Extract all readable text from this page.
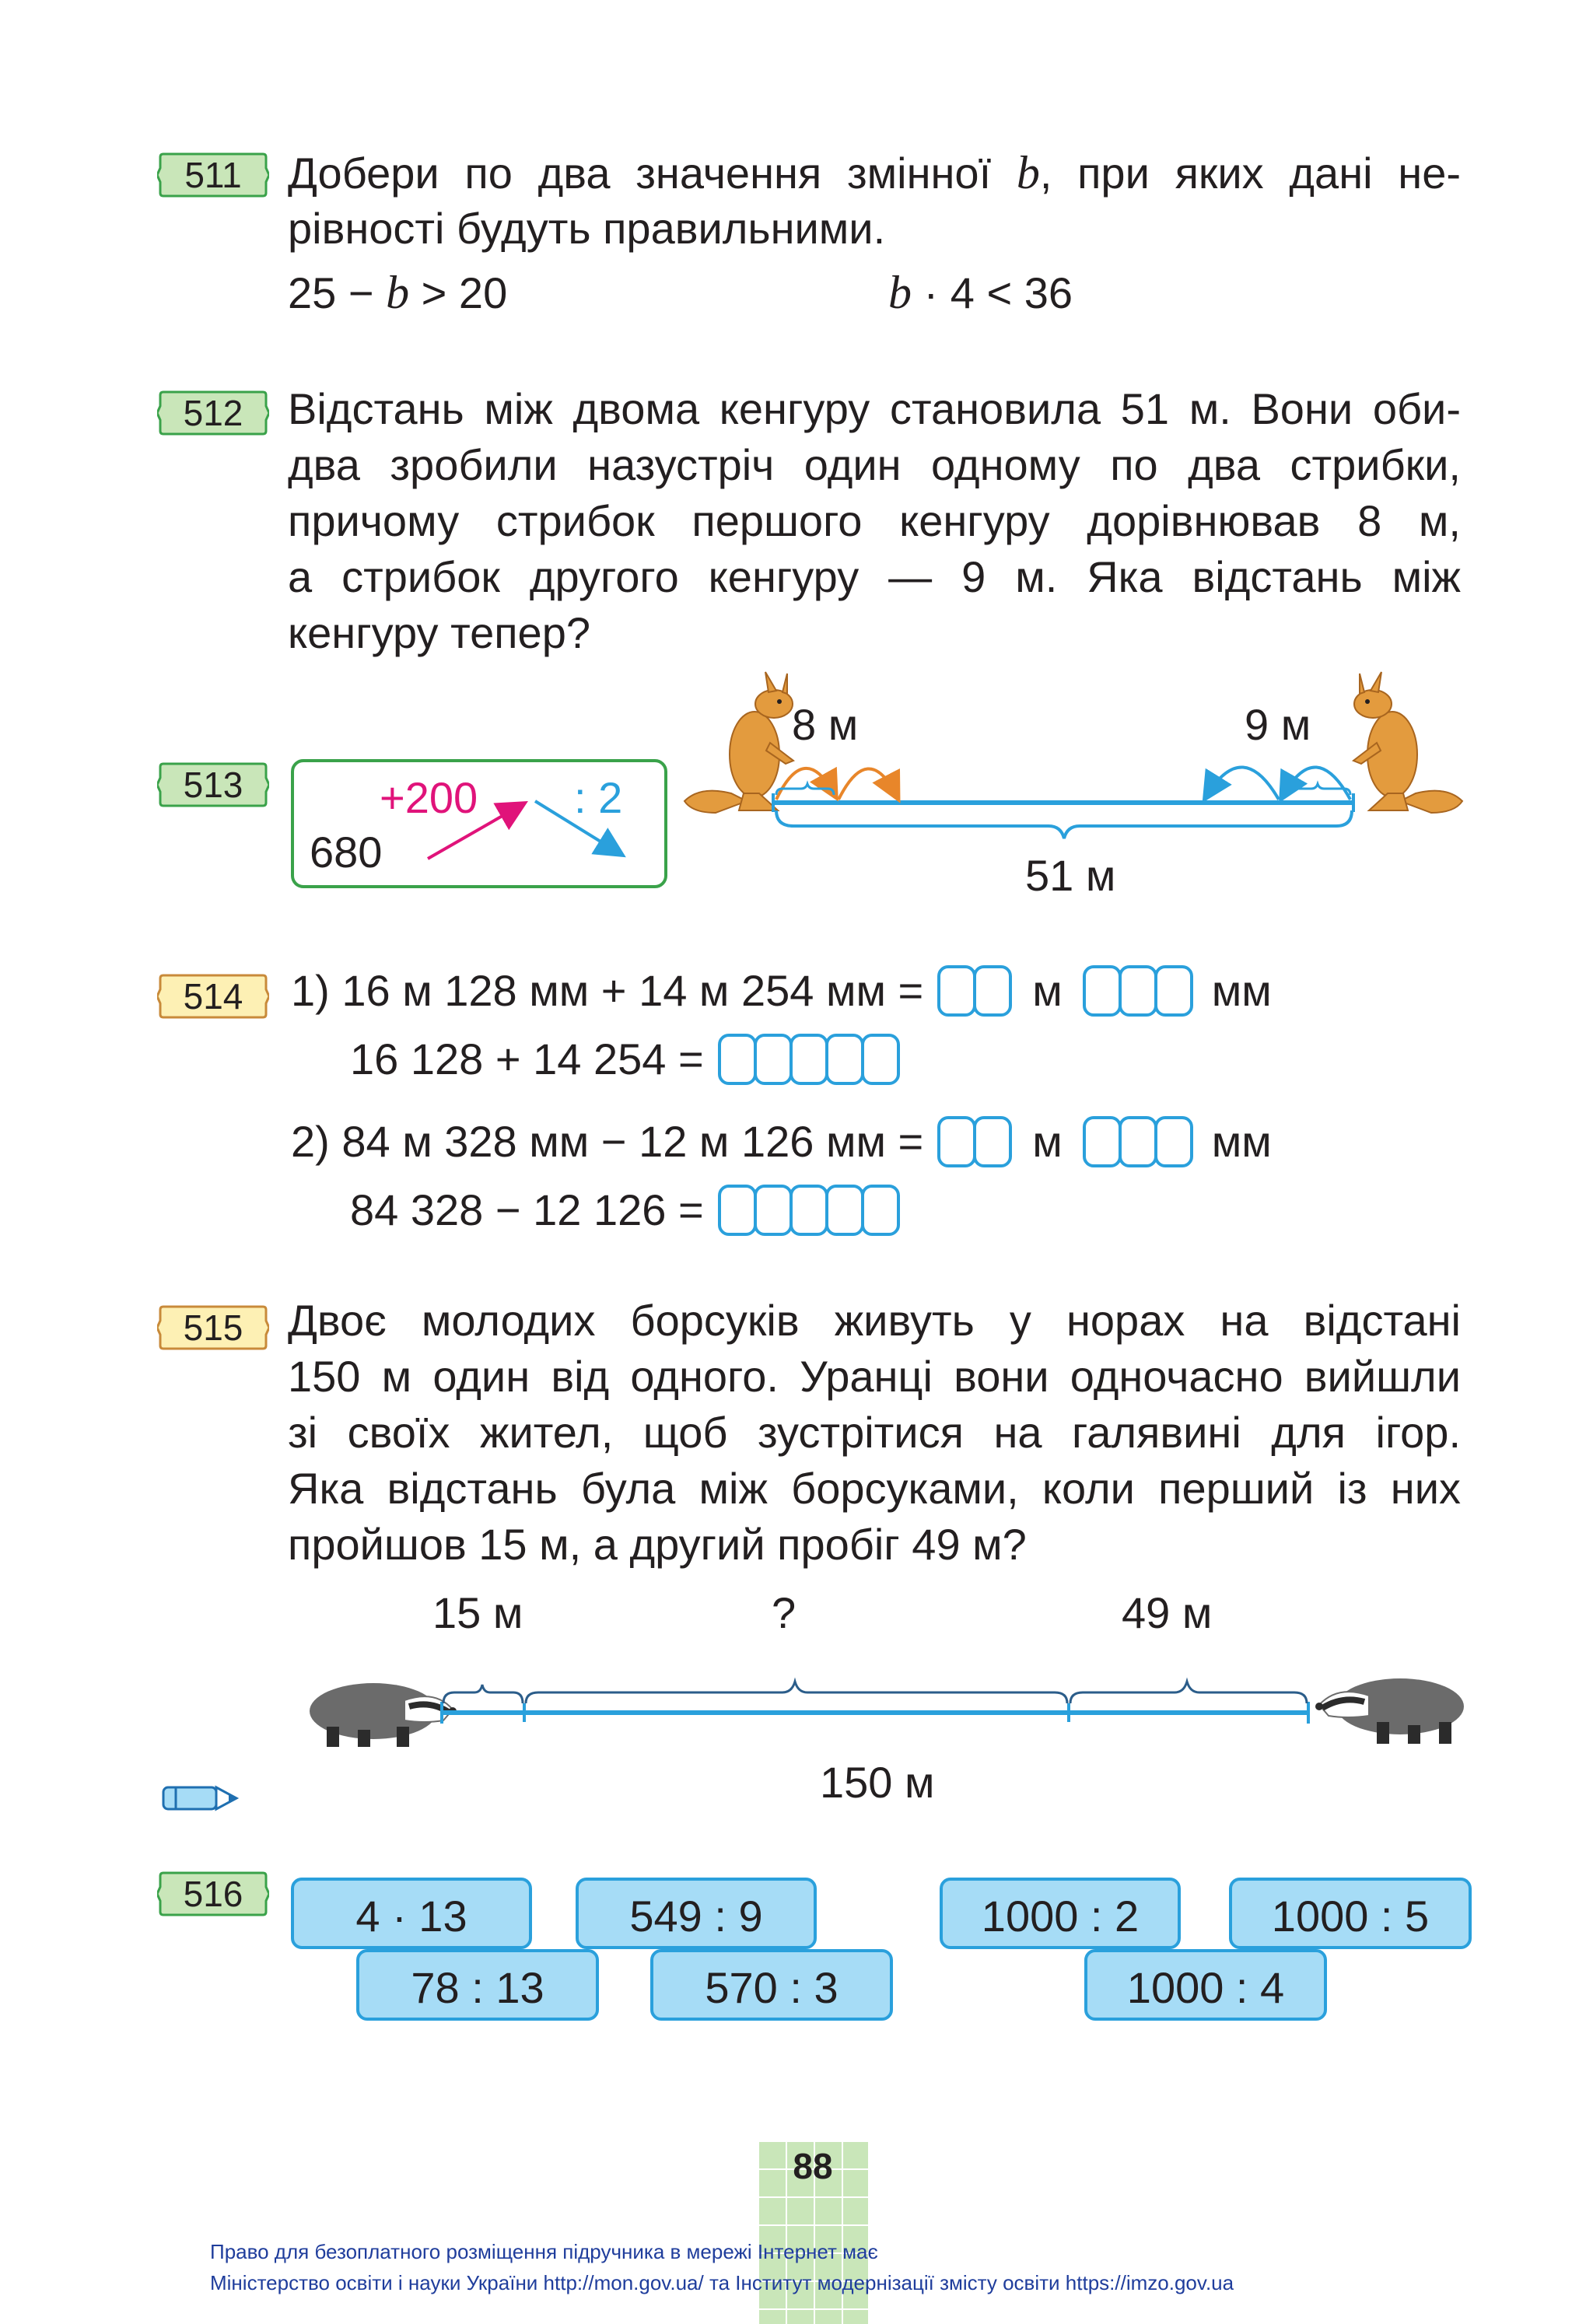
511	Добери по два значення змінної b, при яких дані не-
рівності будуть правильними.
25 − b > 20	b · 4 < 36
512	Відстань між двома кенгуру становила 51 м. Вони оби-
два зробили назустріч один одному по два стрибки,
причому стрибок першого кенгуру дорівнював 8 м,
а стрибок другого кенгуру — 9 м. Яка відстань між
кенгуру тепер?
513
680
+200 : 2
8 м	9 м
51 м
514	1) 16 м 128 мм + 14 м 254 мм =	м	мм
16 128 + 14 254 =
2) 84 м 328 мм − 12 м 126 мм =	м	мм
84 328 − 12 126 =
515	Двоє молодих борсуків живуть у норах на відстані
150 м один від одного. Уранці вони одночасно вийшли
зі своїх жител, щоб зустрітися на галявині для ігор.
Яка відстань була між борсуками, коли перший із них
пройшов 15 м, а другий пробіг 49 м?
15 м	?	49 м
150 м
516	4 · 13	549 : 9	1000 : 2	1000 : 5
78 : 13	570 : 3	1000 : 4
88
Право для безоплатного розміщення підручника в мережі Інтернет має
Міністерство освіти і науки України http://mon.gov.ua/ та Інститут модернізації змісту освіти https://imzo.gov.ua
